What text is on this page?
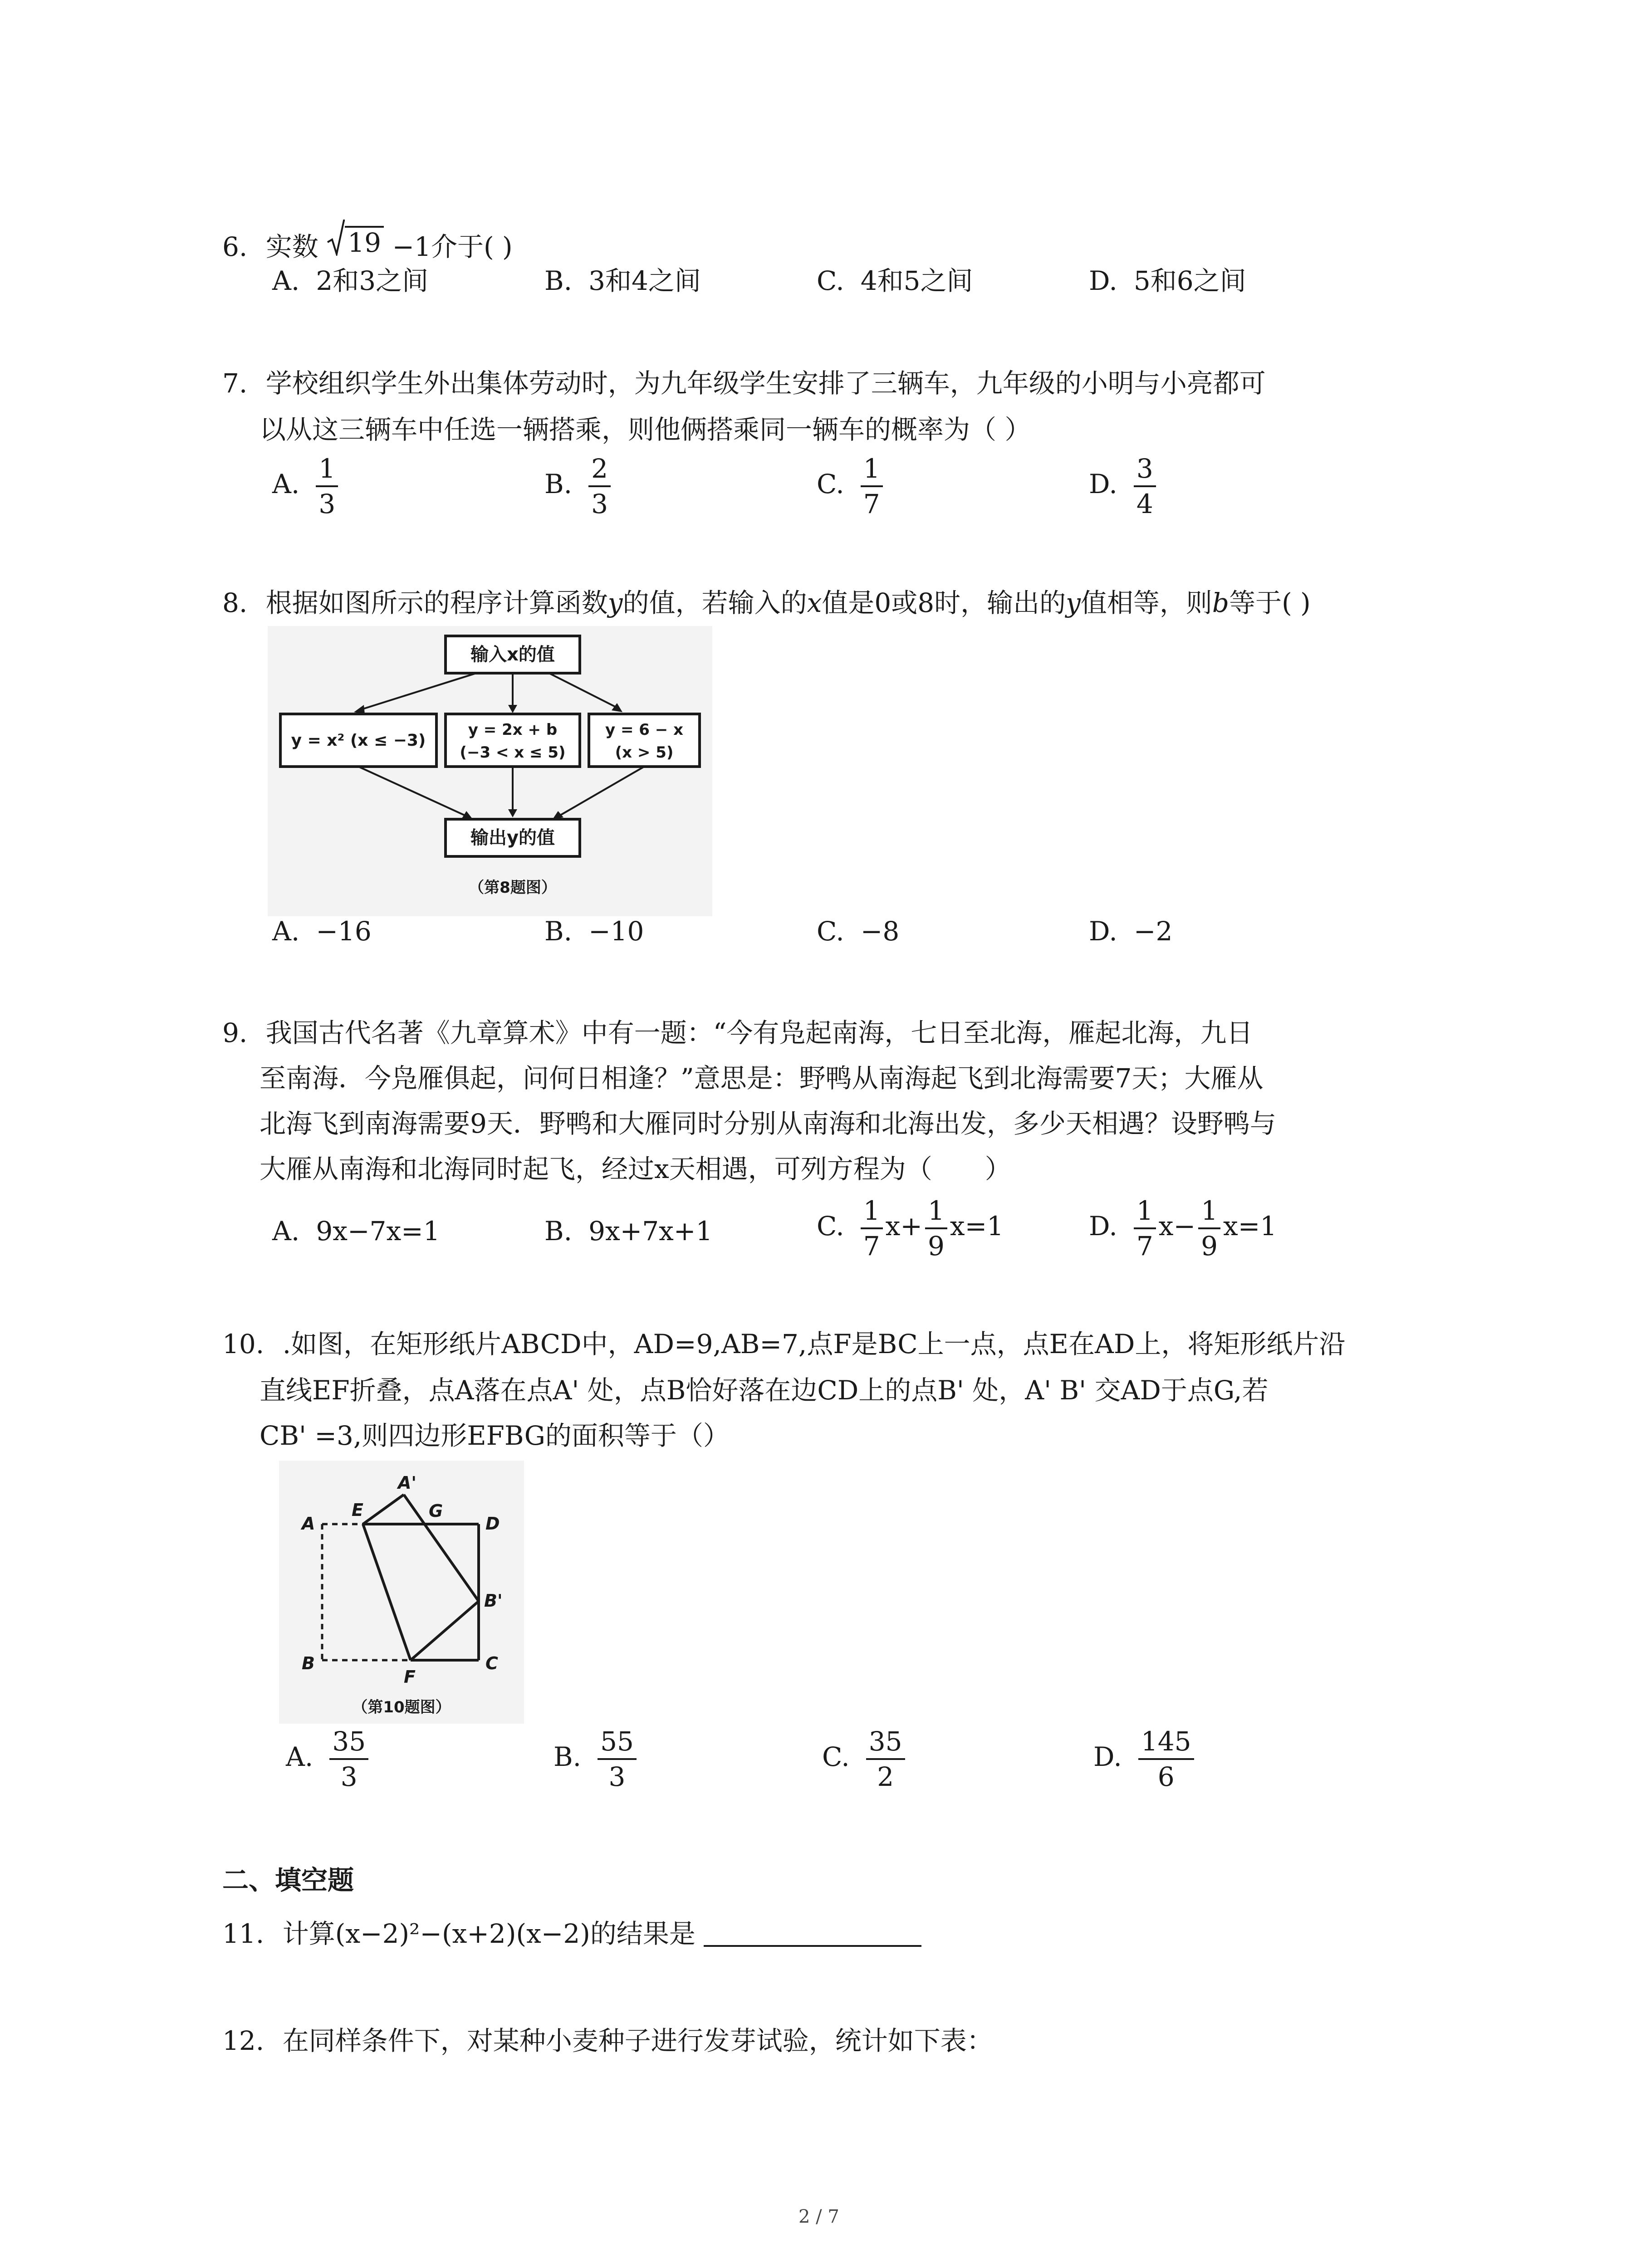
6. 实数 19 −1介于( )
A. 2和3之间	B. 3和4之间	C. 4和5之间	D. 5和6之间
7. 学校组织学生外出集体劳动时，为九年级学生安排了三辆车，九年级的小明与小亮都可
以从这三辆车中任选一辆搭乘，则他俩搭乘同一辆车的概率为（ ）
A. $\frac{1}{3}$	B. $\frac{2}{3}$	C. $\frac{1}{7}$	D. $\frac{3}{4}$
8. 根据如图所示的程序计算函数y的值，若输入的x值是0或8时，输出的y值相等，则b等于( )
输入x的值
y = x² (x ≤ −3)
y = 2x + b
(−3 < x ≤ 5)
y = 6 − x
(x > 5)
输出y的值
（第8题图）
A. −16	B. −10	C. −8	D. −2
9. 我国古代名著《九章算术》中有一题：“今有凫起南海，七日至北海，雁起北海，九日
至南海．今凫雁俱起，问何日相逢？”意思是：野鸭从南海起飞到北海需要7天；大雁从
北海飞到南海需要9天．野鸭和大雁同时分别从南海和北海出发，多少天相遇？设野鸭与
大雁从南海和北海同时起飞，经过x天相遇，可列方程为（　　）
A. 9x−7x=1	B. 9x+7x+1	C. $\frac{1}{7} x+ \frac{1}{9} x=1$	D. $\frac{1}{7} x- \frac{1}{9} x=1$
10. .如图，在矩形纸片ABCD中，AD=9,AB=7,点F是BC上一点，点E在AD上，将矩形纸片沿
直线EF折叠，点A落在点A' 处，点B恰好落在边CD上的点B' 处，A' B' 交AD于点G,若
CB' =3,则四边形EFBG的面积等于（）
A'
A
E	G
D
B'
B
F
C
（第10题图）
A. $\frac{35}{3}$	B. $\frac{55}{3}$	C. $\frac{35}{2}$	D. $\frac{145}{6}$
二、填空题
11. 计算(x−2)²−(x+2)(x−2)的结果是
12. 在同样条件下，对某种小麦种子进行发芽试验，统计如下表：
2 / 7
